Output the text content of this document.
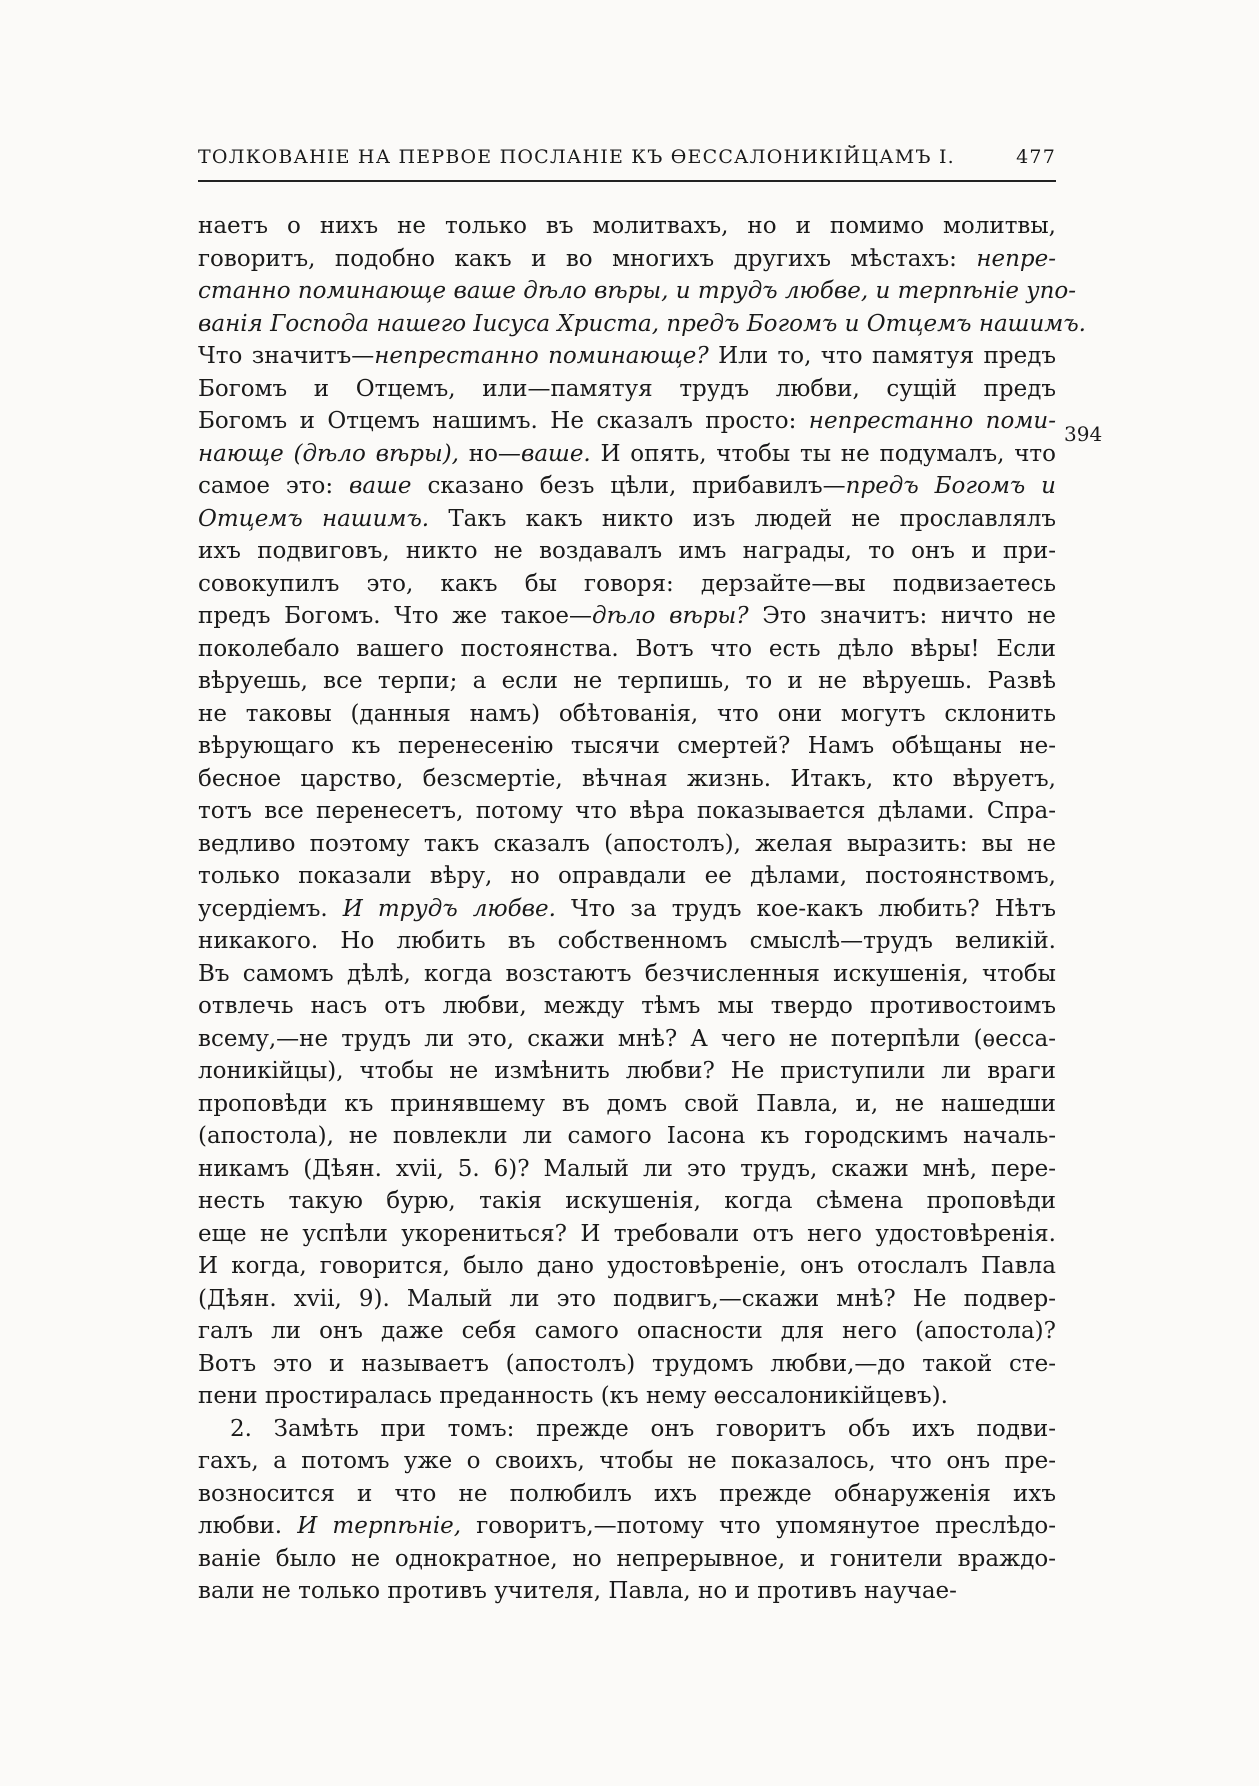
ТОЛКОВАНІЕ НА ПЕРВОЕ ПОСЛАНІЕ КЪ ѲЕССАЛОНИКІЙЦАМЪ І.	477
наетъ о нихъ не только въ молитвахъ, но и помимо молитвы,
говоритъ, подобно какъ и во многихъ другихъ мѣстахъ: непре-
станно поминающе ваше дѣло вѣры, и трудъ любве, и терпѣніе упо-
ванія Господа нашего Іисуса Христа, предъ Богомъ и Отцемъ нашимъ.
Что значитъ—непрестанно поминающе? Или то, что памятуя предъ
Богомъ и Отцемъ, или—памятуя трудъ любви, сущій предъ
Богомъ и Отцемъ нашимъ. Не сказалъ просто: непрестанно поми-
нающе (дѣло вѣры), но—ваше. И опять, чтобы ты не подумалъ, что
самое это: ваше сказано безъ цѣли, прибавилъ—предъ Богомъ и
Отцемъ нашимъ. Такъ какъ никто изъ людей не прославлялъ
ихъ подвиговъ, никто не воздавалъ имъ награды, то онъ и при-
совокупилъ это, какъ бы говоря: дерзайте—вы подвизаетесь
предъ Богомъ. Что же такое—дѣло вѣры? Это значитъ: ничто не
поколебало вашего постоянства. Вотъ что есть дѣло вѣры! Если
вѣруешь, все терпи; а если не терпишь, то и не вѣруешь. Развѣ
не таковы (данныя намъ) обѣтованія, что они могутъ склонить
вѣрующаго къ перенесенію тысячи смертей? Намъ обѣщаны не-
бесное царство, безсмертіе, вѣчная жизнь. Итакъ, кто вѣруетъ,
тотъ все перенесетъ, потому что вѣра показывается дѣлами. Спра-
ведливо поэтому такъ сказалъ (апостолъ), желая выразить: вы не
только показали вѣру, но оправдали ее дѣлами, постоянствомъ,
усердіемъ. И трудъ любве. Что за трудъ кое-какъ любить? Нѣтъ
никакого. Но любить въ собственномъ смыслѣ—трудъ великій.
Въ самомъ дѣлѣ, когда возстаютъ безчисленныя искушенія, чтобы
отвлечь насъ отъ любви, между тѣмъ мы твердо противостоимъ
всему,—не трудъ ли это, скажи мнѣ? А чего не потерпѣли (ѳесса-
лоникійцы), чтобы не измѣнить любви? Не приступили ли враги
проповѣди къ принявшему въ домъ свой Павла, и, не нашедши
(апостола), не повлекли ли самого Іасона къ городскимъ началь-
никамъ (Дѣян. xvii, 5. 6)? Малый ли это трудъ, скажи мнѣ, пере-
несть такую бурю, такія искушенія, когда сѣмена проповѣди
еще не успѣли укорениться? И требовали отъ него удостовѣренія.
И когда, говорится, было дано удостовѣреніе, онъ отослалъ Павла
(Дѣян. xvii, 9). Малый ли это подвигъ,—скажи мнѣ? Не подвер-
галъ ли онъ даже себя самого опасности для него (апостола)?
Вотъ это и называетъ (апостолъ) трудомъ любви,—до такой сте-
пени простиралась преданность (къ нему ѳессалоникійцевъ).
2. Замѣть при томъ: прежде онъ говоритъ объ ихъ подви-
гахъ, а потомъ уже о своихъ, чтобы не показалось, что онъ пре-
возносится и что не полюбилъ ихъ прежде обнаруженія ихъ
любви. И терпѣніе, говоритъ,—потому что упомянутое преслѣдо-
ваніе было не однократное, но непрерывное, и гонители враждо-
вали не только противъ учителя, Павла, но и противъ научае-
394
